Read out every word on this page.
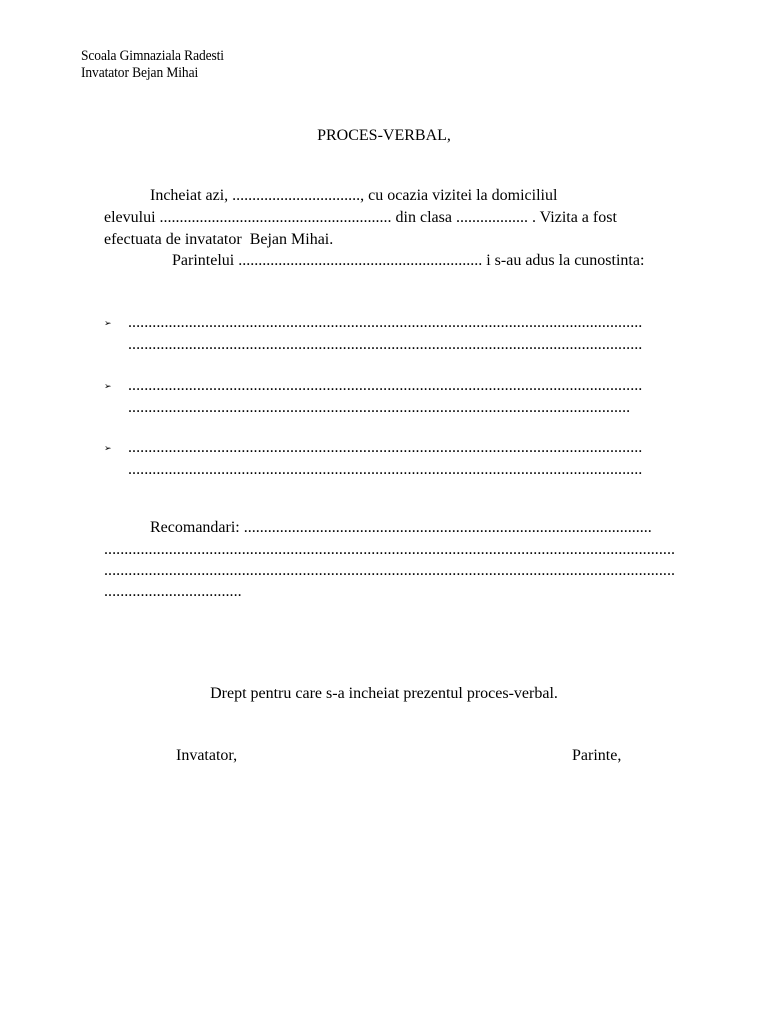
Scoala Gimnaziala Radesti
Invatator Bejan Mihai
PROCES-VERBAL,
Incheiat azi, ................................, cu ocazia vizitei la domiciliul
elevului .......................................................... din clasa .................. . Vizita a fost
efectuata de invatator  Bejan Mihai.
Parintelui ............................................................. i s-au adus la cunostinta:
➢ ...............................................................................................................................
...............................................................................................................................
➢ ...............................................................................................................................
............................................................................................................................
➢ ...............................................................................................................................
...............................................................................................................................
Recomandari: ......................................................................................................
.............................................................................................................................................
.............................................................................................................................................
..................................
Drept pentru care s-a incheiat prezentul proces-verbal.
Invatator,	Parinte,
